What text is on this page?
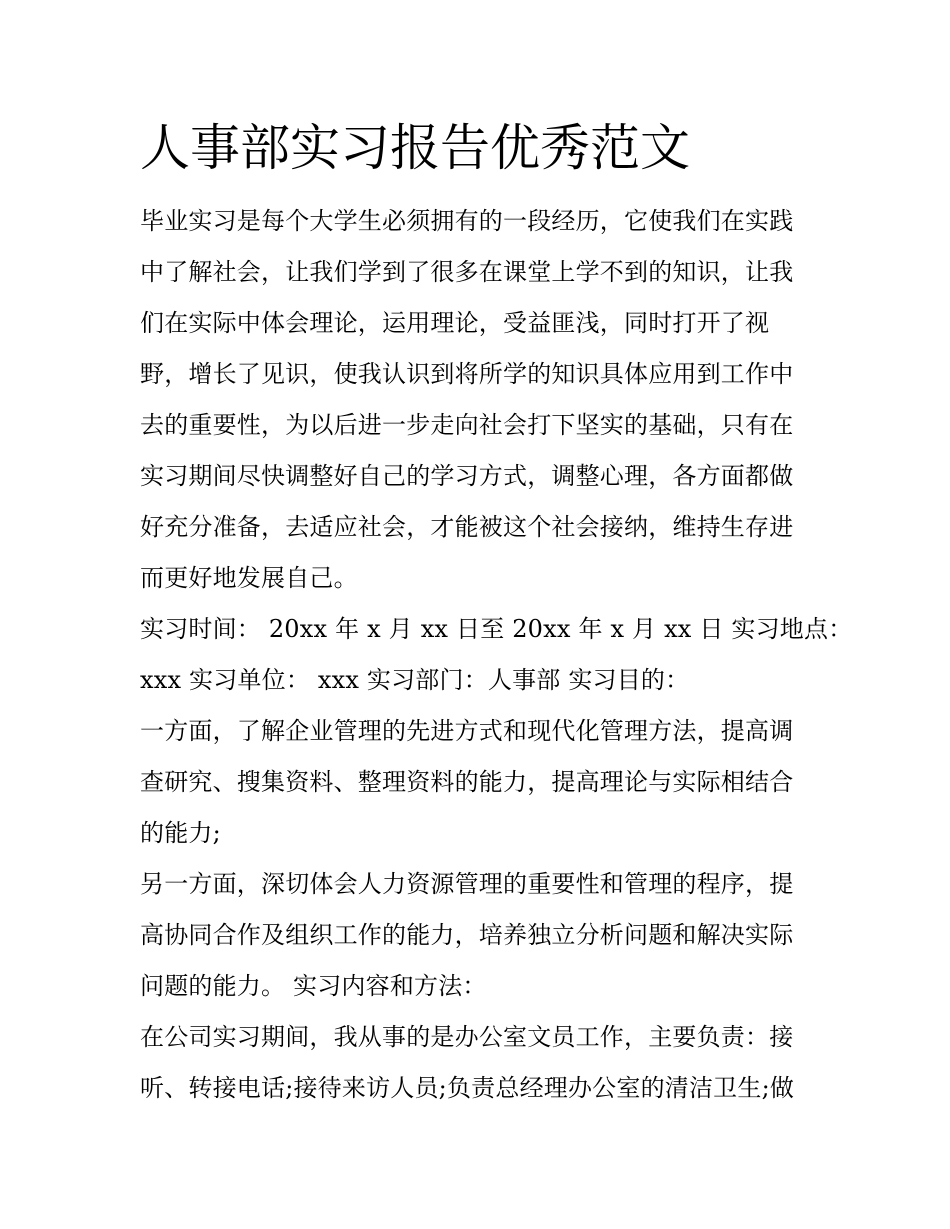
人事部实习报告优秀范文
毕业实习是每个大学生必须拥有的一段经历，它使我们在实践
中了解社会，让我们学到了很多在课堂上学不到的知识，让我
们在实际中体会理论，运用理论，受益匪浅，同时打开了视
野，增长了见识，使我认识到将所学的知识具体应用到工作中
去的重要性，为以后进一步走向社会打下坚实的基础，只有在
实习期间尽快调整好自己的学习方式，调整心理，各方面都做
好充分准备，去适应社会，才能被这个社会接纳，维持生存进
而更好地发展自己。
实习时间： 20xx 年 x 月 xx 日至 20xx 年 x 月 xx 日 实习地点：
xxx 实习单位： xxx 实习部门：人事部 实习目的：
一方面，了解企业管理的先进方式和现代化管理方法，提高调
查研究、搜集资料、整理资料的能力，提高理论与实际相结合
的能力;
另一方面，深切体会人力资源管理的重要性和管理的程序，提
高协同合作及组织工作的能力，培养独立分析问题和解决实际
问题的能力。 实习内容和方法：
在公司实习期间，我从事的是办公室文员工作，主要负责：接
听、转接电话;接待来访人员;负责总经理办公室的清洁卫生;做
